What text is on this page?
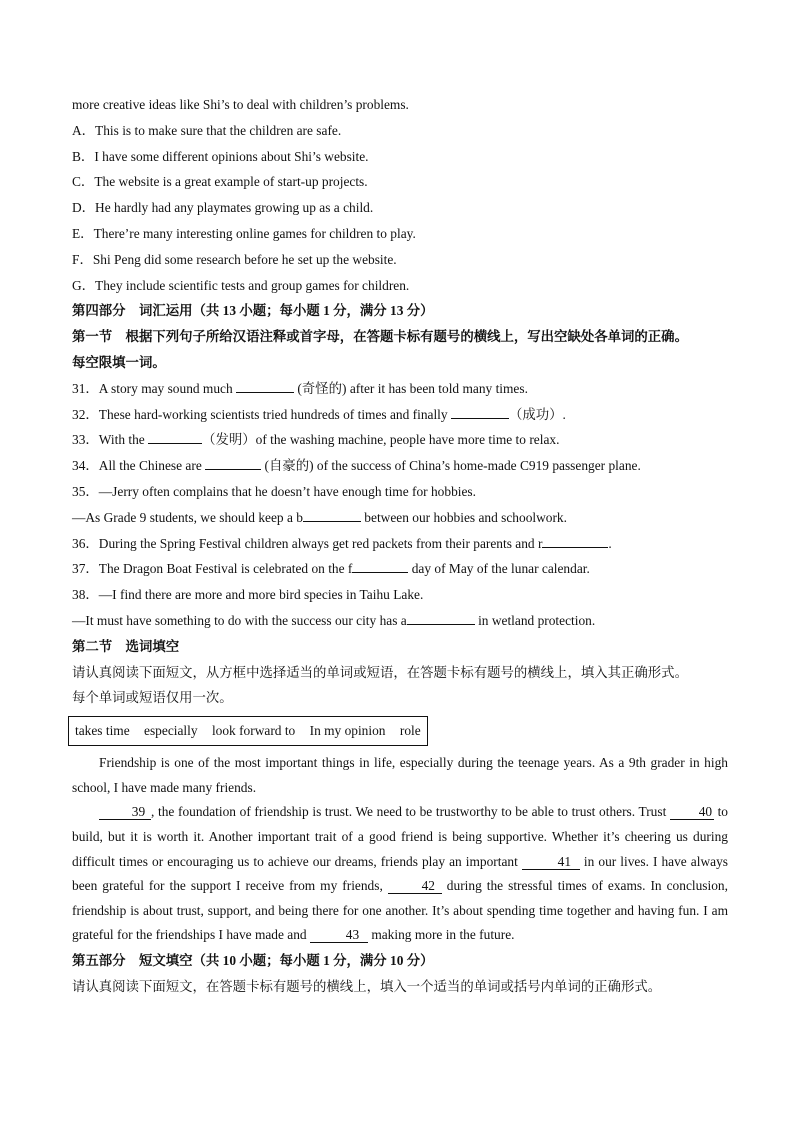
more creative ideas like Shi’s to deal with children’s problems.
A．This is to make sure that the children are safe.
B．I have some different opinions about Shi’s website.
C．The website is a great example of start-up projects.
D．He hardly had any playmates growing up as a child.
E．There’re many interesting online games for children to play.
F．Shi Peng did some research before he set up the website.
G．They include scientific tests and group games for children.
第四部分　词汇运用（共 13 小题；每小题 1 分，满分 13 分）
第一节　根据下列句子所给汉语注释或首字母，在答题卡标有题号的横线上，写出空缺处各单词的正确。
每空限填一词。
31．A story may sound much	(奇怪的) after it has been told many times.
32．These hard-working scientists tried hundreds of times and finally	（成功）.
33．With the	（发明）of the washing machine, people have more time to relax.
34．All the Chinese are	(自豪的) of the success of China’s home-made C919 passenger plane.
35．—Jerry often complains that he doesn’t have enough time for hobbies.
—As Grade 9 students, we should keep a b	between our hobbies and schoolwork.
36．During the Spring Festival children always get red packets from their parents and r	.
37．The Dragon Boat Festival is celebrated on the f	day of May of the lunar calendar.
38．—I find there are more and more bird species in Taihu Lake.
—It must have something to do with the success our city has a	in wetland protection.
第二节　选词填空
请认真阅读下面短文，从方框中选择适当的单词或短语，在答题卡标有题号的横线上，填入其正确形式。
每个单词或短语仅用一次。
takes time especially look forward to In my opinion role
Friendship is one of the most important things in life, especially during the teenage years. As a 9th grader in high school, I have made many friends.
39 , the foundation of friendship is trust. We need to be trustworthy to be able to trust others. Trust 40 to build, but it is worth it. Another important trait of a good friend is being supportive. Whether it’s cheering us during difficult times or encouraging us to achieve our dreams, friends play an important	41 in our lives. I have always been grateful for the support I receive from my friends,	42 during the stressful times of exams. In conclusion, friendship is about trust, support, and being there for one another. It’s about spending time together and having fun. I am grateful for the friendships I have made and	43 making more in the future.
第五部分　短文填空（共 10 小题；每小题 1 分，满分 10 分）
请认真阅读下面短文，在答题卡标有题号的横线上，填入一个适当的单词或括号内单词的正确形式。
